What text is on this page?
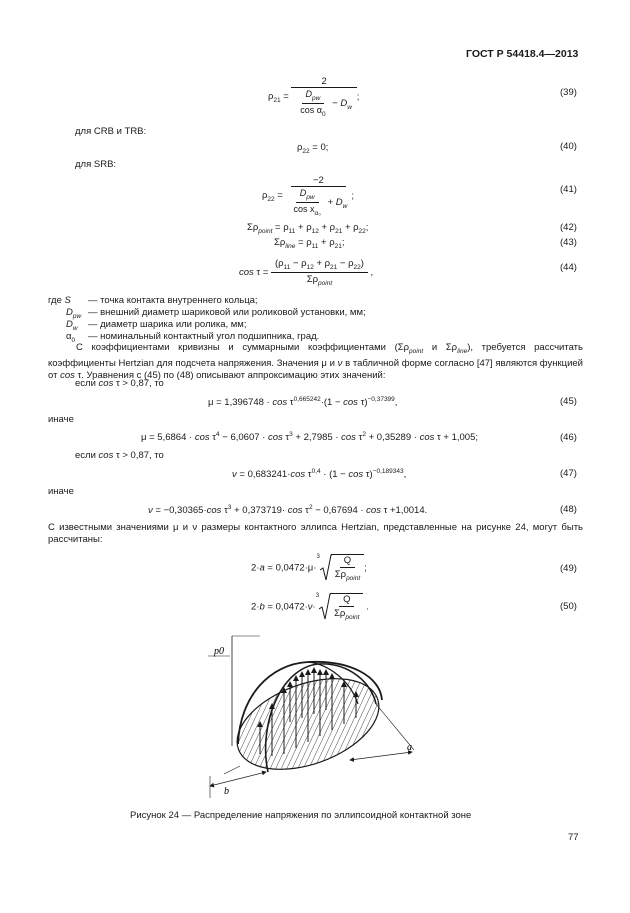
ГОСТ Р 54418.4—2013
$\rho_{21} = \frac{2}{\frac{D_{pw}}{\cos \alpha_0} - D_w}$ ;	(39)
для CRB и TRB:
$\rho_{22} = 0$;	(40)
для SRB:
$\rho_{22} = \frac{-2}{\frac{D_{pw}}{\cos x_{\alpha_0}} + D_w}$ ;
(41)
$\Sigma\rho_{point} = \rho_{11} + \rho_{12} + \rho_{21} + \rho_{22}$;	(42)
$\Sigma\rho_{line} = \rho_{11} + \rho_{21}$;	(43)
$\cos \tau = \frac{(\rho_{11} - \rho_{12} + \rho_{21} - \rho_{22})}{\Sigma\rho_{point}}$ ,	(44)
где S — точка контакта внутреннего кольца;
$D_{pw}$ — внешний диаметр шариковой или роликовой установки, мм;
$D_w$ — диаметр шарика или ролика, мм;
$\alpha_0$ — номинальный контактный угол подшипника, град.
С коэффициентами кривизны и суммарными коэффициентами ($\Sigma\rho_{point}$ и $\Sigma\rho_{line}$), требуется рассчитать коэффициенты Hertzian для подсчета напряжения. Значения μ и ν в табличной форме согласно [47] являются функцией от cos τ. Уравнения с (45) по (48) описывают аппроксимацию этих значений:
если cos τ > 0,87, то
$\mu = 1,396748 \cdot \cos \tau^{0,665242}\cdot(1 - \cos \tau)^{-0,37399}$,	(45)
иначе
$\mu = 5,6864 \cdot \cos \tau^4 - 6,0607 \cdot \cos \tau^3 + 2,7985 \cdot \cos \tau^2 + 0,35289 \cdot \cos \tau + 1,005$;	(46)
если cos τ > 0,87, то
ν = 0,683241·cos $\tau^{0,4} \cdot (1 - \cos \tau)^{-0,189343}$,	(47)
иначе
ν = −0,30365·cos $\tau^3 + 0,373719\cdot \cos \tau^2 - 0,67694 \cdot \cos \tau +1,0014$.	(48)
С известными значениями μ и ν размеры контактного эллипса Hertzian, представленные на рисунке 24, могут быть рассчитаны:
$2\cdot a = 0,0472\cdot\mu\cdot^3 \frac{Q}{\Sigma\rho_{point}}$ ;	(49)
$2\cdot b = 0,0472\cdot\nu\cdot^3 \frac{Q}{\Sigma\rho_{point}}$ .	(50)
p0
a
b
Рисунок 24 — Распределение напряжения по эллипсоидной контактной зоне
77
